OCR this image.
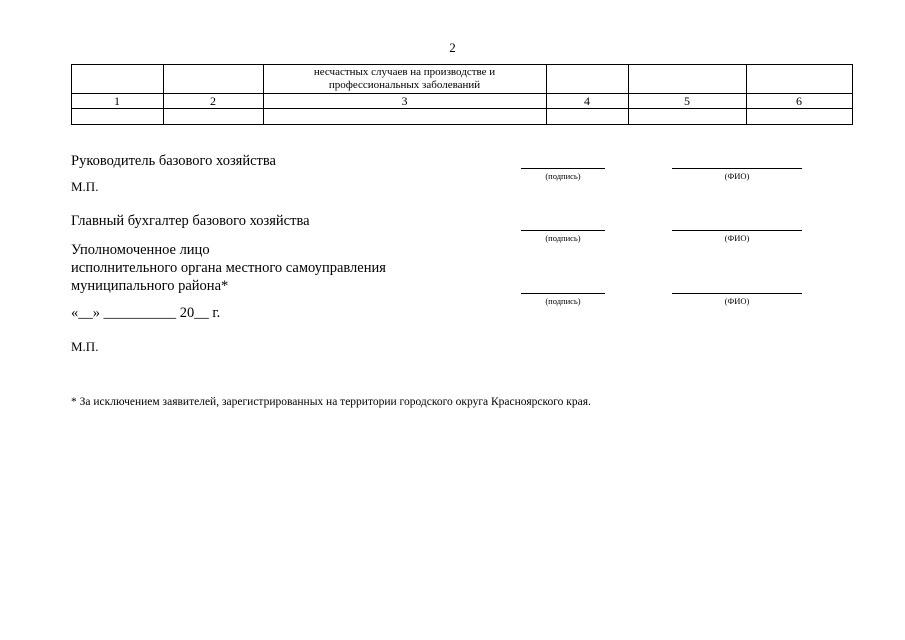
2
несчастных случаев на производстве и
профессиональных заболеваний
1	2	3	4	5	6
Руководитель базового хозяйства
М.П.
(подпись)	(ФИО)
Главный бухгалтер базового хозяйства
(подпись)	(ФИО)
Уполномоченное лицо
исполнительного органа местного самоуправления
муниципального района*
(подпись)	(ФИО)
«__» __________ 20__ г.
М.П.
* За исключением заявителей, зарегистрированных на территории городского округа Красноярского края.
